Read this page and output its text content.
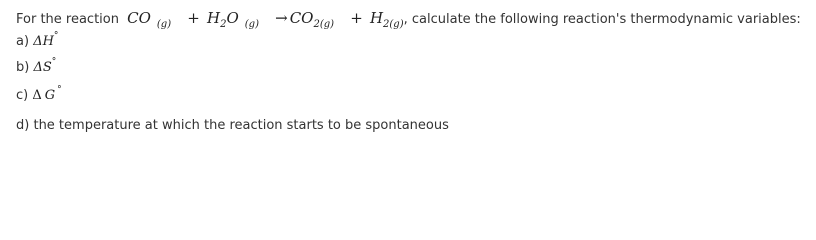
For the reaction CO $_{(g)} + H_2O$ $_{(g)} \to CO_{2(g)} + H_{2(g)}$, calculate the following reaction's thermodynamic variables:
a) ΔH°
b) ΔS°
c) Δ G °
d) the temperature at which the reaction starts to be spontaneous
